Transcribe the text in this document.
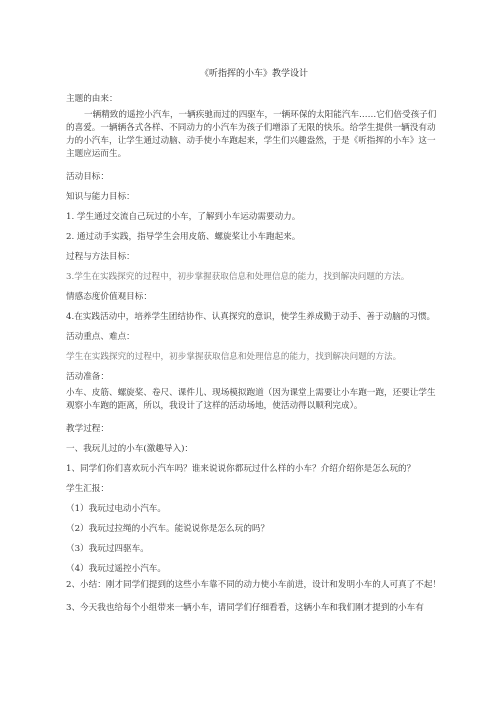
《听指挥的小车》教学设计

主题的由来：

一辆精致的遥控小汽车，一辆疾驰而过的四驱车，一辆环保的太阳能汽车……它们倍受孩子们的喜爱。一辆辆各式各样、不同动力的小汽车为孩子们增添了无限的快乐。给学生提供一辆没有动力的小汽车，让学生通过动脑、动手使小车跑起来，学生们兴趣盎然，于是《听指挥的小车》这一主题应运而生。

活动目标：

知识与能力目标：

1. 学生通过交流自己玩过的小车，了解到小车运动需要动力。

2. 通过动手实践，指导学生会用皮筋、螺旋桨让小车跑起来。

过程与方法目标：

3.学生在实践探究的过程中，初步掌握获取信息和处理信息的能力，找到解决问题的方法。

情感态度价值观目标：

4.在实践活动中，培养学生团结协作、认真探究的意识，使学生养成勤于动手、善于动脑的习惯。

活动重点、难点：

学生在实践探究的过程中，初步掌握获取信息和处理信息的能力，找到解决问题的方法。

活动准备：

小车、皮筋、螺旋桨、卷尺、课件儿、现场模拟跑道（因为课堂上需要让小车跑一跑，还要让学生观察小车跑的距离，所以，我设计了这样的活动场地，使活动得以顺利完成）。

教学过程：

一、我玩儿过的小车(激趣导入)：

1、同学们你们喜欢玩小汽车吗？谁来说说你都玩过什么样的小车？介绍介绍你是怎么玩的？

学生汇报：

（1）我玩过电动小汽车。

（2）我玩过拉绳的小汽车。能说说你是怎么玩的吗？

（3）我玩过四驱车。

（4）我玩过遥控小汽车。

2、小结：刚才同学们提到的这些小车靠不同的动力使小车前进，设计和发明小车的人可真了不起！

3、今天我也给每个小组带来一辆小车，请同学们仔细看看，这辆小车和我们刚才提到的小车有
